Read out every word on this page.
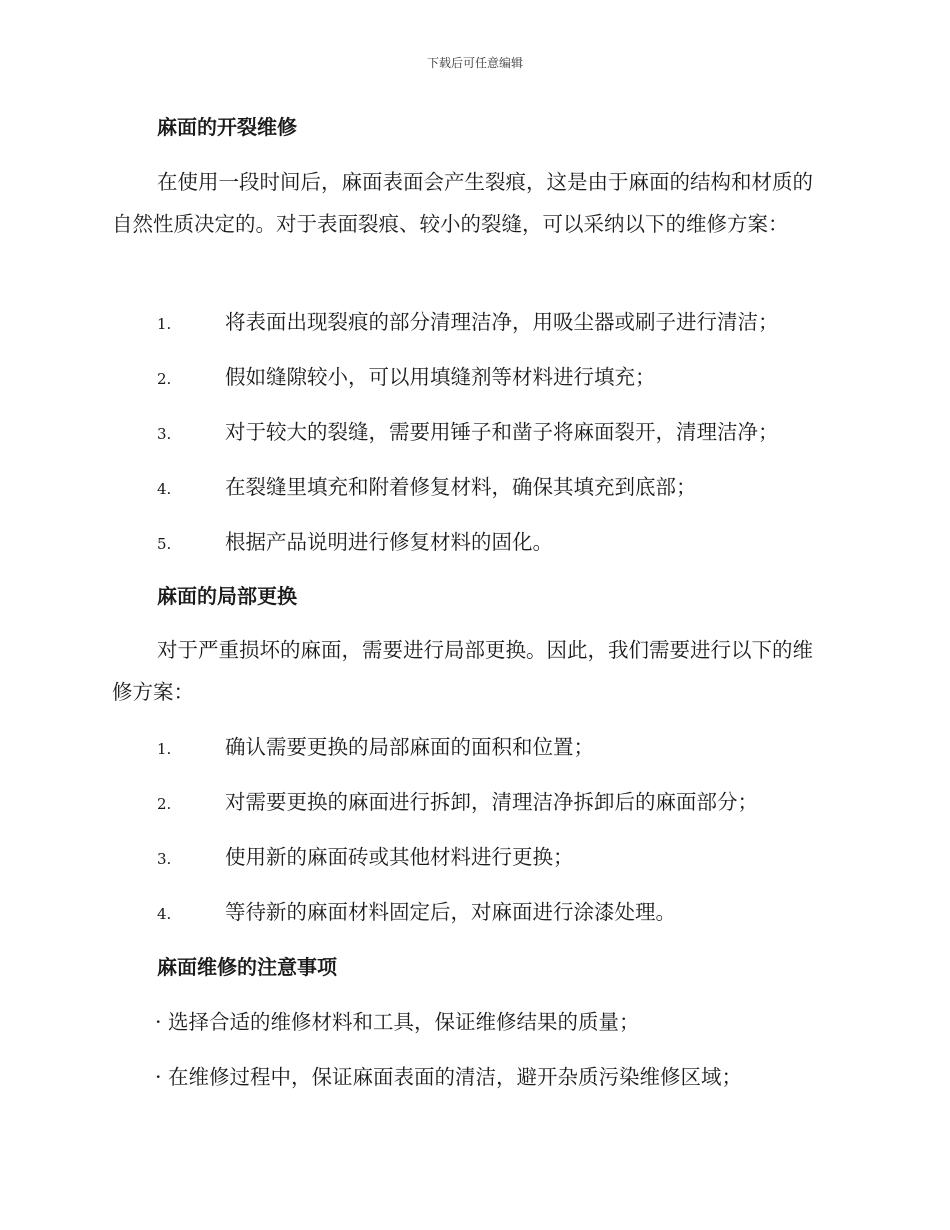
下载后可任意编辑
麻面的开裂维修
在使用一段时间后，麻面表面会产生裂痕，这是由于麻面的结构和材质的自然性质决定的。对于表面裂痕、较小的裂缝，可以采纳以下的维修方案：
1.	将表面出现裂痕的部分清理洁净，用吸尘器或刷子进行清洁；
2.	假如缝隙较小，可以用填缝剂等材料进行填充；
3.	对于较大的裂缝，需要用锤子和凿子将麻面裂开，清理洁净；
4.	在裂缝里填充和附着修复材料，确保其填充到底部；
5.	根据产品说明进行修复材料的固化。
麻面的局部更换
对于严重损坏的麻面，需要进行局部更换。因此，我们需要进行以下的维修方案：
1.	确认需要更换的局部麻面的面积和位置；
2.	对需要更换的麻面进行拆卸，清理洁净拆卸后的麻面部分；
3.	使用新的麻面砖或其他材料进行更换；
4.	等待新的麻面材料固定后，对麻面进行涂漆处理。
麻面维修的注意事项
· 选择合适的维修材料和工具，保证维修结果的质量；
· 在维修过程中，保证麻面表面的清洁，避开杂质污染维修区域；
